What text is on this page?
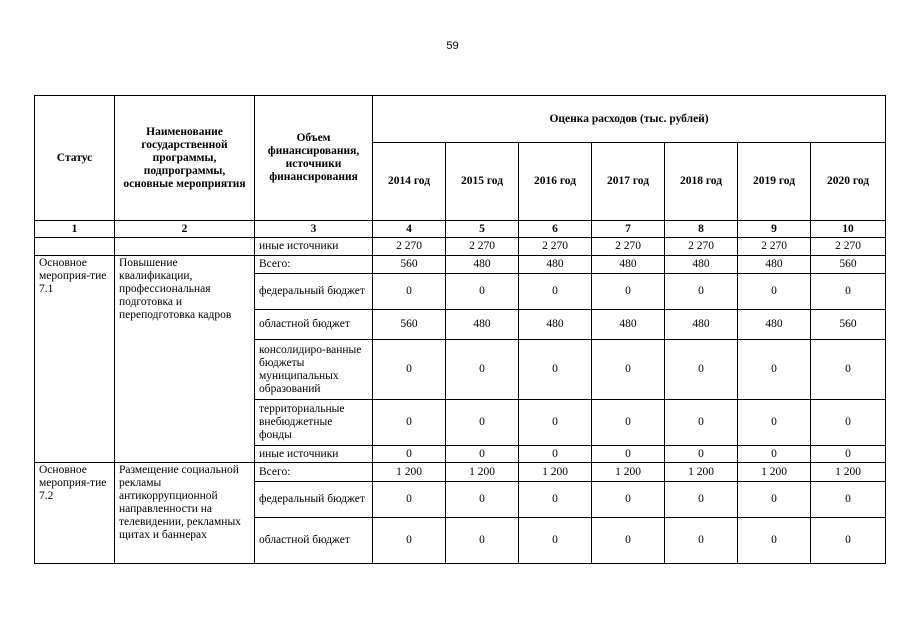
59
Статус	Наименование государственной программы, подпрограммы, основные мероприятия	Объем финансирования, источники финансирования	Оценка расходов (тыс. рублей)						
			2014 год	2015 год	2016 год	2017 год	2018 год	2019 год	2020 год
1	2	3	4	5	6	7	8	9	10
		иные источники	2 270	2 270	2 270	2 270	2 270	2 270	2 270
Основное мероприя-тие 7.1	Повышение квалификации, профессиональная подготовка и переподготовка кадров	Всего:	560	480	480	480	480	480	560
		федеральный бюджет	0	0	0	0	0	0	0
		областной бюджет	560	480	480	480	480	480	560
		консолидиро-ванные бюджеты муниципальных образований	0	0	0	0	0	0	0
		территориальные внебюджетные фонды	0	0	0	0	0	0	0
		иные источники	0	0	0	0	0	0	0
Основное мероприя-тие 7.2	Размещение социальной рекламы антикоррупционной направленности на телевидении, рекламных щитах и баннерах	Всего:	1 200	1 200	1 200	1 200	1 200	1 200	1 200
		федеральный бюджет	0	0	0	0	0	0	0
		областной бюджет	0	0	0	0	0	0	0
